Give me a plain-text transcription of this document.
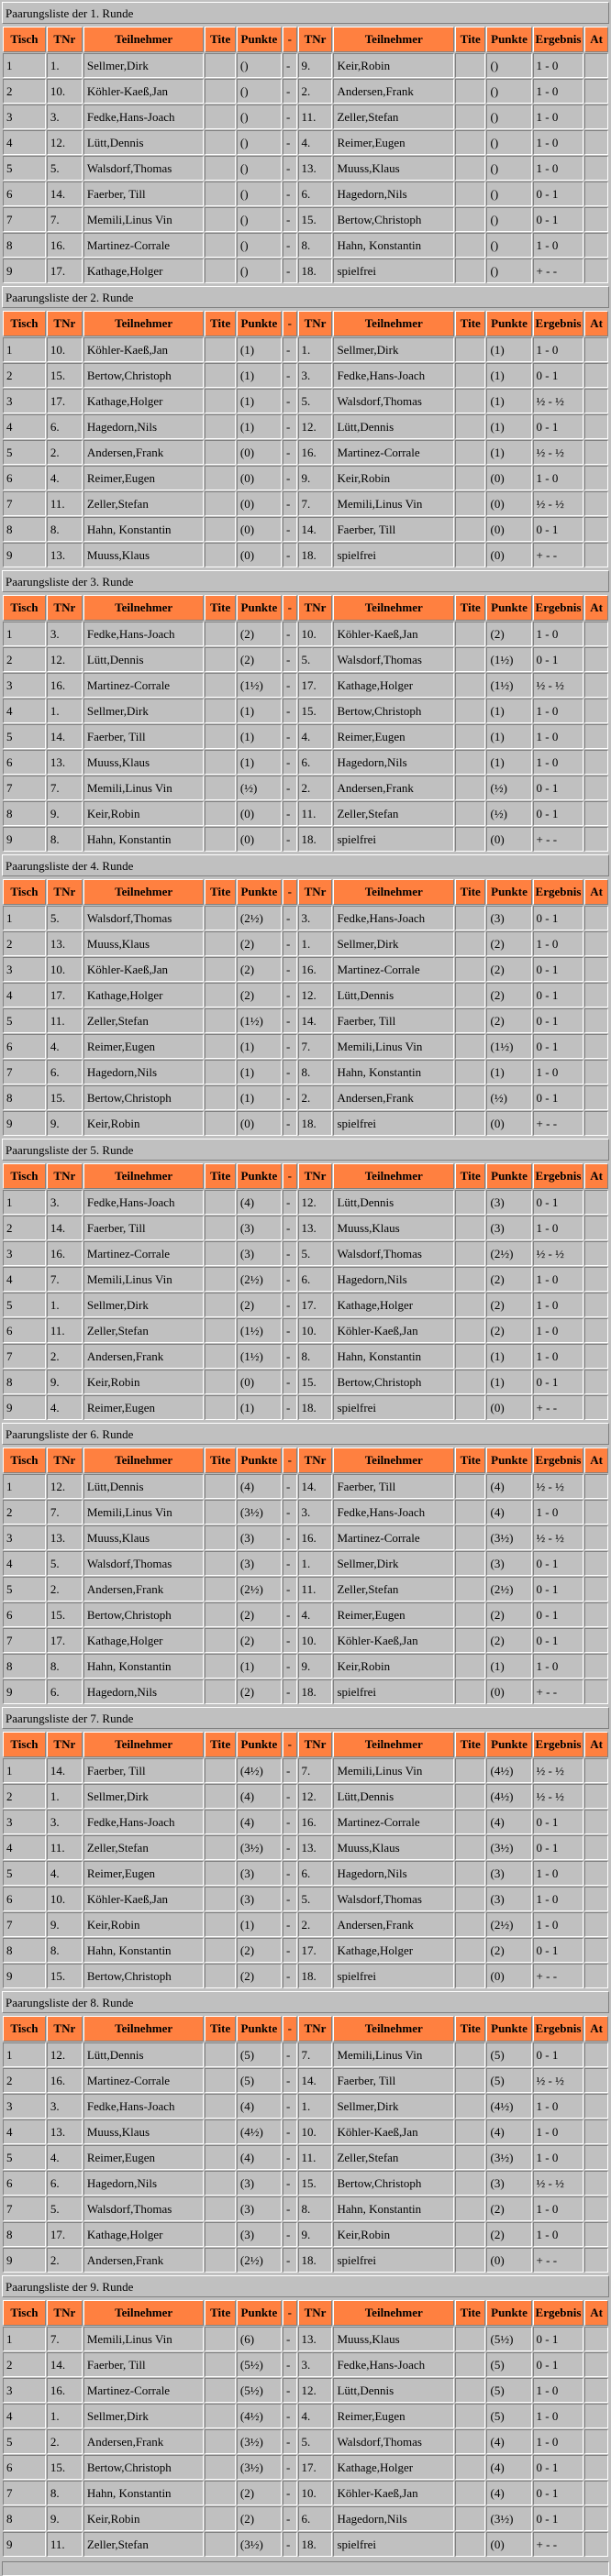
Paarungsliste der 1. Runde
Tisch	TNr	Teilnehmer	Tite	Punkte	-	TNr	Teilnehmer	Tite	Punkte	Ergebnis	At
1	1.	Sellmer,Dirk		()	-	9.	Keir,Robin		()	1 - 0	
2	10.	Köhler-Kaeß,Jan		()	-	2.	Andersen,Frank		()	1 - 0	
3	3.	Fedke,Hans-Joach		()	-	11.	Zeller,Stefan		()	1 - 0	
4	12.	Lütt,Dennis		()	-	4.	Reimer,Eugen		()	1 - 0	
5	5.	Walsdorf,Thomas		()	-	13.	Muuss,Klaus		()	1 - 0	
6	14.	Faerber, Till		()	-	6.	Hagedorn,Nils		()	0 - 1	
7	7.	Memili,Linus Vin		()	-	15.	Bertow,Christoph		()	0 - 1	
8	16.	Martinez-Corrale		()	-	8.	Hahn, Konstantin		()	1 - 0	
9	17.	Kathage,Holger		()	-	18.	spielfrei		()	+ - -	
Paarungsliste der 2. Runde
Tisch	TNr	Teilnehmer	Tite	Punkte	-	TNr	Teilnehmer	Tite	Punkte	Ergebnis	At
1	10.	Köhler-Kaeß,Jan		(1)	-	1.	Sellmer,Dirk		(1)	1 - 0	
2	15.	Bertow,Christoph		(1)	-	3.	Fedke,Hans-Joach		(1)	0 - 1	
3	17.	Kathage,Holger		(1)	-	5.	Walsdorf,Thomas		(1)	½ - ½	
4	6.	Hagedorn,Nils		(1)	-	12.	Lütt,Dennis		(1)	0 - 1	
5	2.	Andersen,Frank		(0)	-	16.	Martinez-Corrale		(1)	½ - ½	
6	4.	Reimer,Eugen		(0)	-	9.	Keir,Robin		(0)	1 - 0	
7	11.	Zeller,Stefan		(0)	-	7.	Memili,Linus Vin		(0)	½ - ½	
8	8.	Hahn, Konstantin		(0)	-	14.	Faerber, Till		(0)	0 - 1	
9	13.	Muuss,Klaus		(0)	-	18.	spielfrei		(0)	+ - -	
Paarungsliste der 3. Runde
Tisch	TNr	Teilnehmer	Tite	Punkte	-	TNr	Teilnehmer	Tite	Punkte	Ergebnis	At
1	3.	Fedke,Hans-Joach		(2)	-	10.	Köhler-Kaeß,Jan		(2)	1 - 0	
2	12.	Lütt,Dennis		(2)	-	5.	Walsdorf,Thomas		(1½)	0 - 1	
3	16.	Martinez-Corrale		(1½)	-	17.	Kathage,Holger		(1½)	½ - ½	
4	1.	Sellmer,Dirk		(1)	-	15.	Bertow,Christoph		(1)	1 - 0	
5	14.	Faerber, Till		(1)	-	4.	Reimer,Eugen		(1)	1 - 0	
6	13.	Muuss,Klaus		(1)	-	6.	Hagedorn,Nils		(1)	1 - 0	
7	7.	Memili,Linus Vin		(½)	-	2.	Andersen,Frank		(½)	0 - 1	
8	9.	Keir,Robin		(0)	-	11.	Zeller,Stefan		(½)	0 - 1	
9	8.	Hahn, Konstantin		(0)	-	18.	spielfrei		(0)	+ - -	
Paarungsliste der 4. Runde
Tisch	TNr	Teilnehmer	Tite	Punkte	-	TNr	Teilnehmer	Tite	Punkte	Ergebnis	At
1	5.	Walsdorf,Thomas		(2½)	-	3.	Fedke,Hans-Joach		(3)	0 - 1	
2	13.	Muuss,Klaus		(2)	-	1.	Sellmer,Dirk		(2)	1 - 0	
3	10.	Köhler-Kaeß,Jan		(2)	-	16.	Martinez-Corrale		(2)	0 - 1	
4	17.	Kathage,Holger		(2)	-	12.	Lütt,Dennis		(2)	0 - 1	
5	11.	Zeller,Stefan		(1½)	-	14.	Faerber, Till		(2)	0 - 1	
6	4.	Reimer,Eugen		(1)	-	7.	Memili,Linus Vin		(1½)	0 - 1	
7	6.	Hagedorn,Nils		(1)	-	8.	Hahn, Konstantin		(1)	1 - 0	
8	15.	Bertow,Christoph		(1)	-	2.	Andersen,Frank		(½)	0 - 1	
9	9.	Keir,Robin		(0)	-	18.	spielfrei		(0)	+ - -	
Paarungsliste der 5. Runde
Tisch	TNr	Teilnehmer	Tite	Punkte	-	TNr	Teilnehmer	Tite	Punkte	Ergebnis	At
1	3.	Fedke,Hans-Joach		(4)	-	12.	Lütt,Dennis		(3)	0 - 1	
2	14.	Faerber, Till		(3)	-	13.	Muuss,Klaus		(3)	1 - 0	
3	16.	Martinez-Corrale		(3)	-	5.	Walsdorf,Thomas		(2½)	½ - ½	
4	7.	Memili,Linus Vin		(2½)	-	6.	Hagedorn,Nils		(2)	1 - 0	
5	1.	Sellmer,Dirk		(2)	-	17.	Kathage,Holger		(2)	1 - 0	
6	11.	Zeller,Stefan		(1½)	-	10.	Köhler-Kaeß,Jan		(2)	1 - 0	
7	2.	Andersen,Frank		(1½)	-	8.	Hahn, Konstantin		(1)	1 - 0	
8	9.	Keir,Robin		(0)	-	15.	Bertow,Christoph		(1)	0 - 1	
9	4.	Reimer,Eugen		(1)	-	18.	spielfrei		(0)	+ - -	
Paarungsliste der 6. Runde
Tisch	TNr	Teilnehmer	Tite	Punkte	-	TNr	Teilnehmer	Tite	Punkte	Ergebnis	At
1	12.	Lütt,Dennis		(4)	-	14.	Faerber, Till		(4)	½ - ½	
2	7.	Memili,Linus Vin		(3½)	-	3.	Fedke,Hans-Joach		(4)	1 - 0	
3	13.	Muuss,Klaus		(3)	-	16.	Martinez-Corrale		(3½)	½ - ½	
4	5.	Walsdorf,Thomas		(3)	-	1.	Sellmer,Dirk		(3)	0 - 1	
5	2.	Andersen,Frank		(2½)	-	11.	Zeller,Stefan		(2½)	0 - 1	
6	15.	Bertow,Christoph		(2)	-	4.	Reimer,Eugen		(2)	0 - 1	
7	17.	Kathage,Holger		(2)	-	10.	Köhler-Kaeß,Jan		(2)	0 - 1	
8	8.	Hahn, Konstantin		(1)	-	9.	Keir,Robin		(1)	1 - 0	
9	6.	Hagedorn,Nils		(2)	-	18.	spielfrei		(0)	+ - -	
Paarungsliste der 7. Runde
Tisch	TNr	Teilnehmer	Tite	Punkte	-	TNr	Teilnehmer	Tite	Punkte	Ergebnis	At
1	14.	Faerber, Till		(4½)	-	7.	Memili,Linus Vin		(4½)	½ - ½	
2	1.	Sellmer,Dirk		(4)	-	12.	Lütt,Dennis		(4½)	½ - ½	
3	3.	Fedke,Hans-Joach		(4)	-	16.	Martinez-Corrale		(4)	0 - 1	
4	11.	Zeller,Stefan		(3½)	-	13.	Muuss,Klaus		(3½)	0 - 1	
5	4.	Reimer,Eugen		(3)	-	6.	Hagedorn,Nils		(3)	1 - 0	
6	10.	Köhler-Kaeß,Jan		(3)	-	5.	Walsdorf,Thomas		(3)	1 - 0	
7	9.	Keir,Robin		(1)	-	2.	Andersen,Frank		(2½)	1 - 0	
8	8.	Hahn, Konstantin		(2)	-	17.	Kathage,Holger		(2)	0 - 1	
9	15.	Bertow,Christoph		(2)	-	18.	spielfrei		(0)	+ - -	
Paarungsliste der 8. Runde
Tisch	TNr	Teilnehmer	Tite	Punkte	-	TNr	Teilnehmer	Tite	Punkte	Ergebnis	At
1	12.	Lütt,Dennis		(5)	-	7.	Memili,Linus Vin		(5)	0 - 1	
2	16.	Martinez-Corrale		(5)	-	14.	Faerber, Till		(5)	½ - ½	
3	3.	Fedke,Hans-Joach		(4)	-	1.	Sellmer,Dirk		(4½)	1 - 0	
4	13.	Muuss,Klaus		(4½)	-	10.	Köhler-Kaeß,Jan		(4)	1 - 0	
5	4.	Reimer,Eugen		(4)	-	11.	Zeller,Stefan		(3½)	1 - 0	
6	6.	Hagedorn,Nils		(3)	-	15.	Bertow,Christoph		(3)	½ - ½	
7	5.	Walsdorf,Thomas		(3)	-	8.	Hahn, Konstantin		(2)	1 - 0	
8	17.	Kathage,Holger		(3)	-	9.	Keir,Robin		(2)	1 - 0	
9	2.	Andersen,Frank		(2½)	-	18.	spielfrei		(0)	+ - -	
Paarungsliste der 9. Runde
Tisch	TNr	Teilnehmer	Tite	Punkte	-	TNr	Teilnehmer	Tite	Punkte	Ergebnis	At
1	7.	Memili,Linus Vin		(6)	-	13.	Muuss,Klaus		(5½)	0 - 1	
2	14.	Faerber, Till		(5½)	-	3.	Fedke,Hans-Joach		(5)	0 - 1	
3	16.	Martinez-Corrale		(5½)	-	12.	Lütt,Dennis		(5)	1 - 0	
4	1.	Sellmer,Dirk		(4½)	-	4.	Reimer,Eugen		(5)	1 - 0	
5	2.	Andersen,Frank		(3½)	-	5.	Walsdorf,Thomas		(4)	1 - 0	
6	15.	Bertow,Christoph		(3½)	-	17.	Kathage,Holger		(4)	0 - 1	
7	8.	Hahn, Konstantin		(2)	-	10.	Köhler-Kaeß,Jan		(4)	0 - 1	
8	9.	Keir,Robin		(2)	-	6.	Hagedorn,Nils		(3½)	0 - 1	
9	11.	Zeller,Stefan		(3½)	-	18.	spielfrei		(0)	+ - -	
